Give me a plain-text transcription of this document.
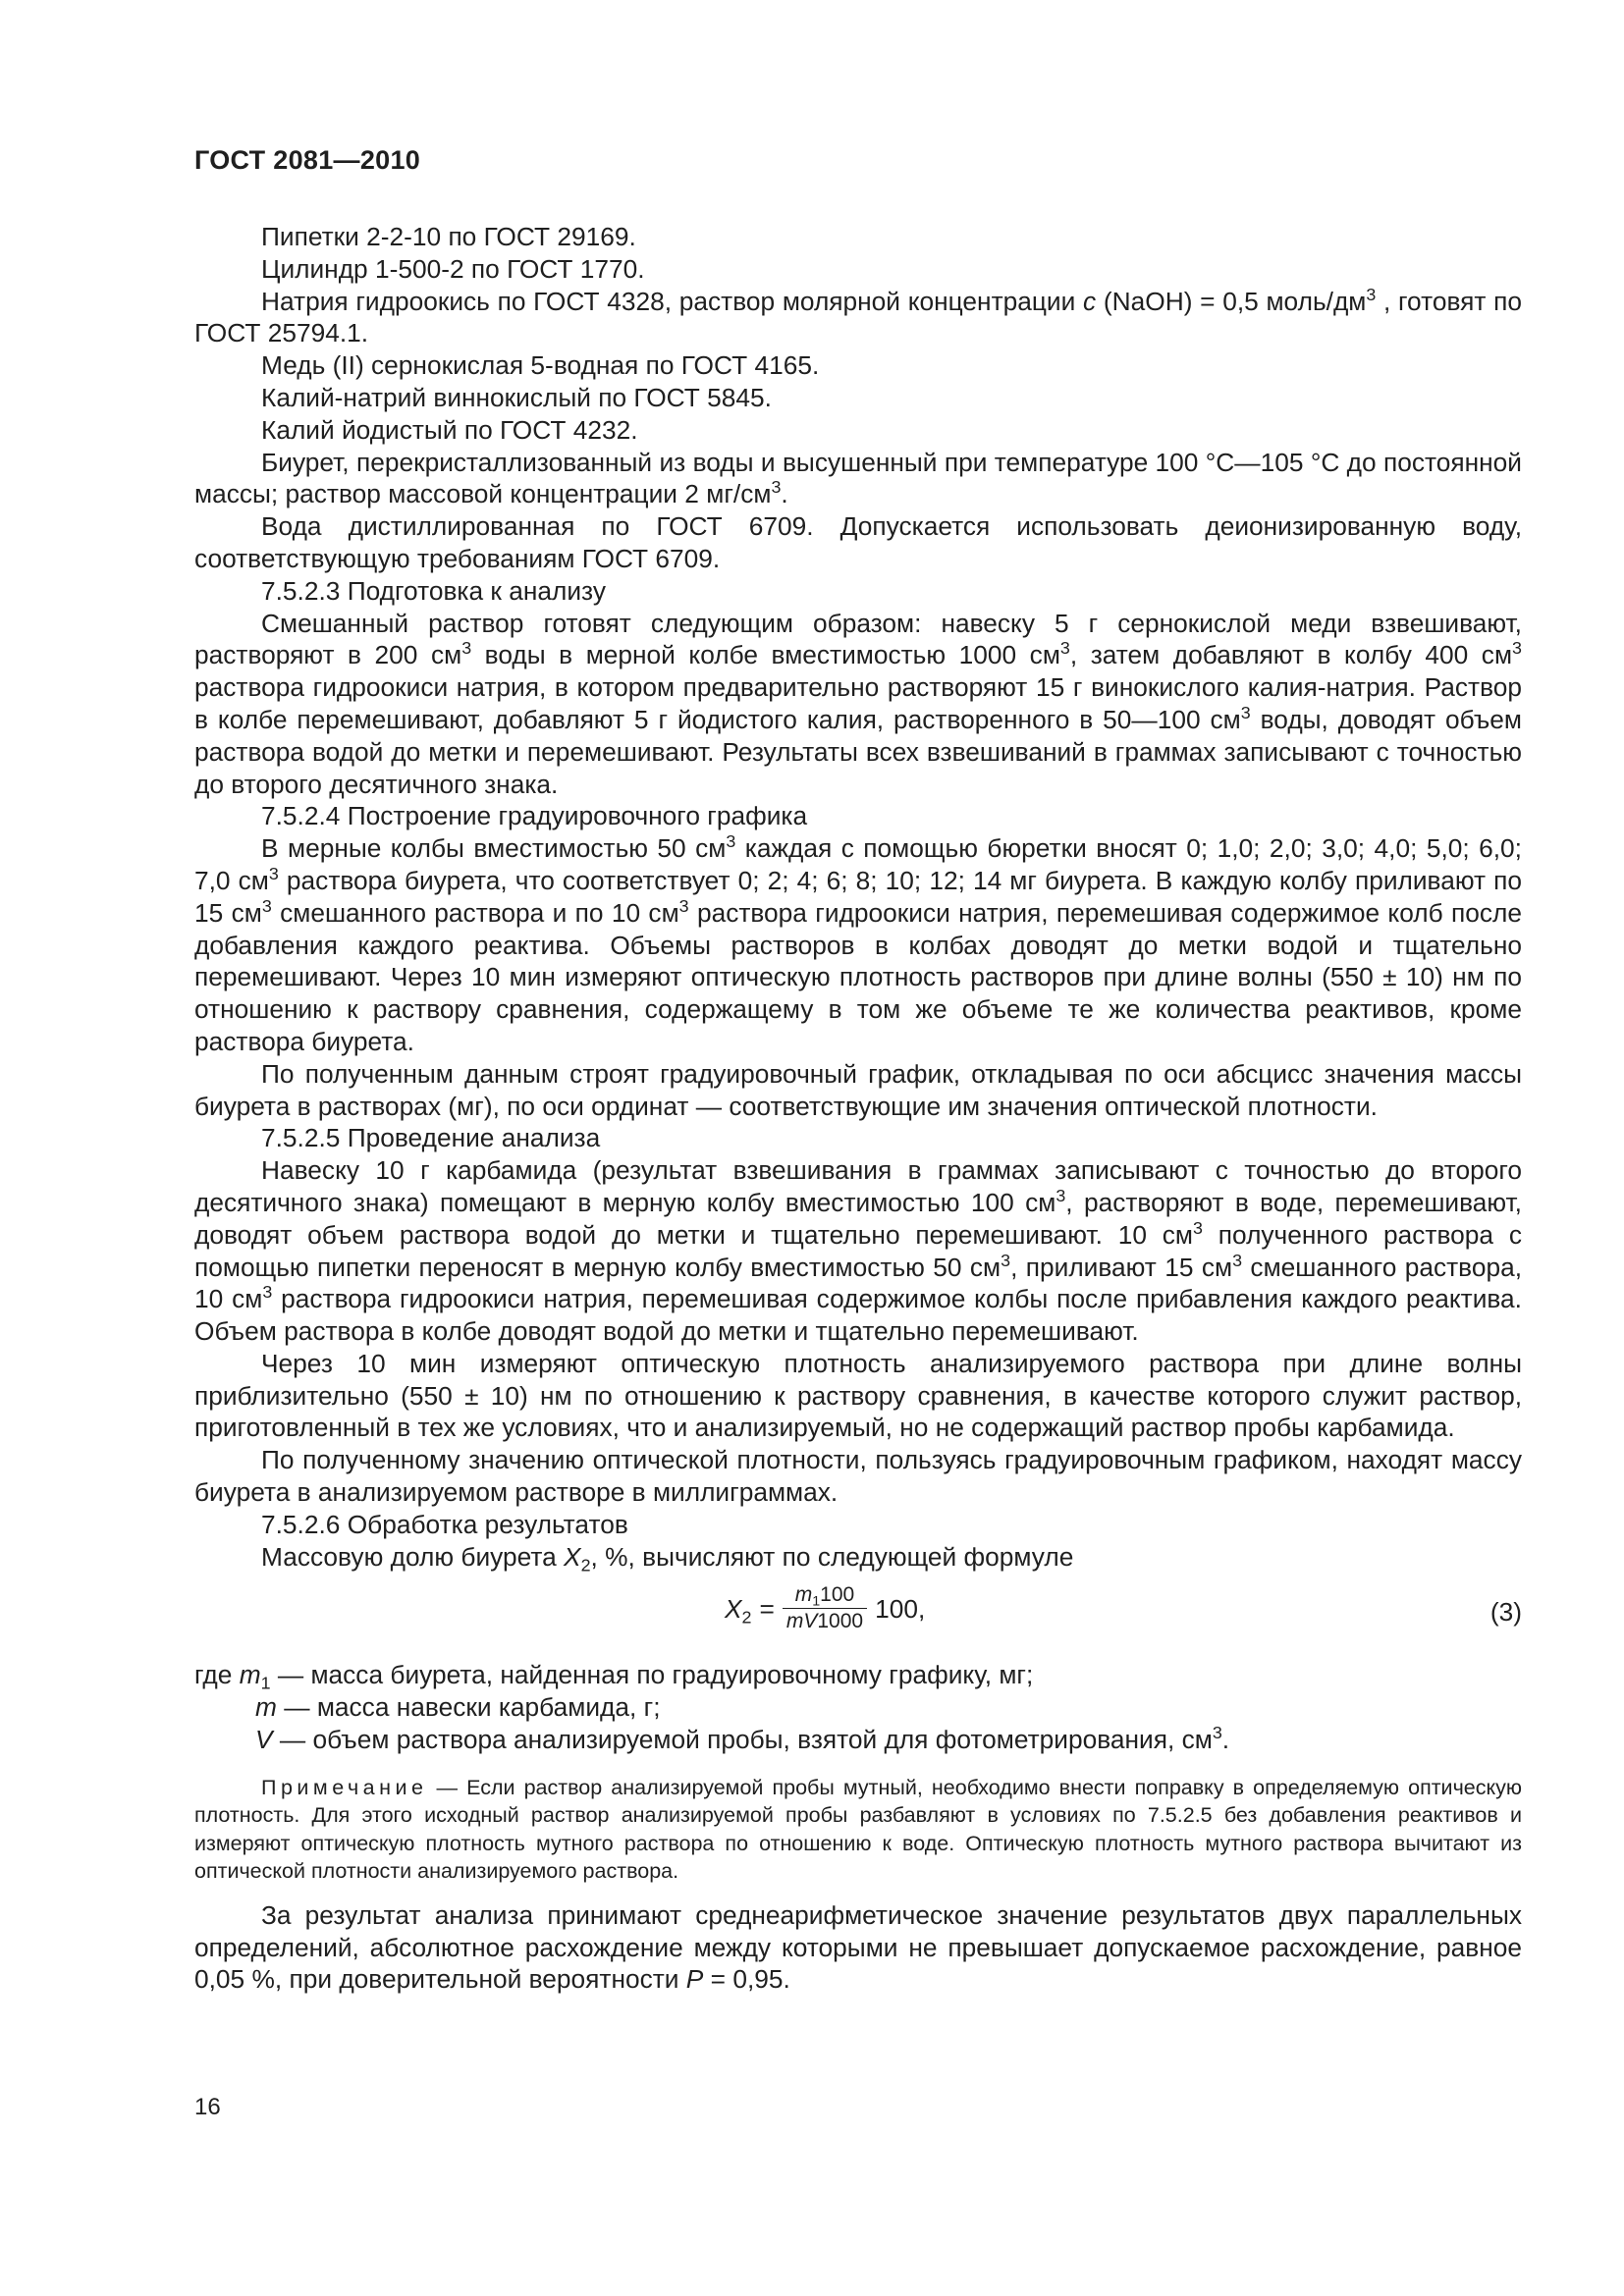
ГОСТ 2081—2010

Пипетки 2-2-10 по ГОСТ 29169.

Цилиндр 1-500-2 по ГОСТ 1770.

Натрия гидроокись по ГОСТ 4328, раствор молярной концентрации c (NaOH) = 0,5 моль/$дм^3$ , готовят по ГОСТ 25794.1.

Медь (II) сернокислая 5-водная по ГОСТ 4165.

Калий-натрий виннокислый по ГОСТ 5845.

Калий йодистый по ГОСТ 4232.

Биурет, перекристаллизованный из воды и высушенный при температуре 100 °С—105 °С до постоянной массы; раствор массовой концентрации 2 $мг/см^3$.

Вода дистиллированная по ГОСТ 6709. Допускается использовать деионизированную воду, соответствующую требованиям ГОСТ 6709.

7.5.2.3 Подготовка к анализу

Смешанный раствор готовят следующим образом: навеску 5 г сернокислой меди взвешивают, растворяют в 200 $см^3$ воды в мерной колбе вместимостью 1000 $см^3$, затем добавляют в колбу 400 $см^3$ раствора гидроокиси натрия, в котором предварительно растворяют 15 г винокислого калия-натрия. Раствор в колбе перемешивают, добавляют 5 г йодистого калия, растворенного в 50—100 $см^3$ воды, доводят объем раствора водой до метки и перемешивают. Результаты всех взвешиваний в граммах записывают с точностью до второго десятичного знака.

7.5.2.4 Построение градуировочного графика

В мерные колбы вместимостью 50 $см^3$ каждая с помощью бюретки вносят 0; 1,0; 2,0; 3,0; 4,0; 5,0; 6,0; 7,0 $см^3$ раствора биурета, что соответствует 0; 2; 4; 6; 8; 10; 12; 14 мг биурета. В каждую колбу приливают по 15 $см^3$ смешанного раствора и по 10 $см^3$ раствора гидроокиси натрия, перемешивая содержимое колб после добавления каждого реактива. Объемы растворов в колбах доводят до метки водой и тщательно перемешивают. Через 10 мин измеряют оптическую плотность растворов при длине волны (550 ± 10) нм по отношению к раствору сравнения, содержащему в том же объеме те же количества реактивов, кроме раствора биурета.

По полученным данным строят градуировочный график, откладывая по оси абсцисс значения массы биурета в растворах (мг), по оси ординат — соответствующие им значения оптической плотности.

7.5.2.5 Проведение анализа

Навеску 10 г карбамида (результат взвешивания в граммах записывают с точностью до второго десятичного знака) помещают в мерную колбу вместимостью 100 $см^3$, растворяют в воде, перемешивают, доводят объем раствора водой до метки и тщательно перемешивают. 10 $см^3$ полученного раствора с помощью пипетки переносят в мерную колбу вместимостью 50 $см^3$, приливают 15 $см^3$ смешанного раствора, 10 $см^3$ раствора гидроокиси натрия, перемешивая содержимое колбы после прибавления каждого реактива. Объем раствора в колбе доводят водой до метки и тщательно перемешивают.

Через 10 мин измеряют оптическую плотность анализируемого раствора при длине волны приблизительно (550 ± 10) нм по отношению к раствору сравнения, в качестве которого служит раствор, приготовленный в тех же условиях, что и анализируемый, но не содержащий раствор пробы карбамида.

По полученному значению оптической плотности, пользуясь градуировочным графиком, находят массу биурета в анализируемом растворе в миллиграммах.

7.5.2.6 Обработка результатов

Массовую долю биурета $X_2$, %, вычисляют по следующей формуле

$X_2 = \frac{m_1100}{mV1000} 100$,	(3)

где $m_1$ — масса биурета, найденная по градуировочному графику, мг;

m — масса навески карбамида, г;

V — объем раствора анализируемой пробы, взятой для фотометрирования, $см^3$.

Примечание — Если раствор анализируемой пробы мутный, необходимо внести поправку в определяемую оптическую плотность. Для этого исходный раствор анализируемой пробы разбавляют в условиях по 7.5.2.5 без добавления реактивов и измеряют оптическую плотность мутного раствора по отношению к воде. Оптическую плотность мутного раствора вычитают из оптической плотности анализируемого раствора.

За результат анализа принимают среднеарифметическое значение результатов двух параллельных определений, абсолютное расхождение между которыми не превышает допускаемое расхождение, равное 0,05 %, при доверительной вероятности P = 0,95.

16
